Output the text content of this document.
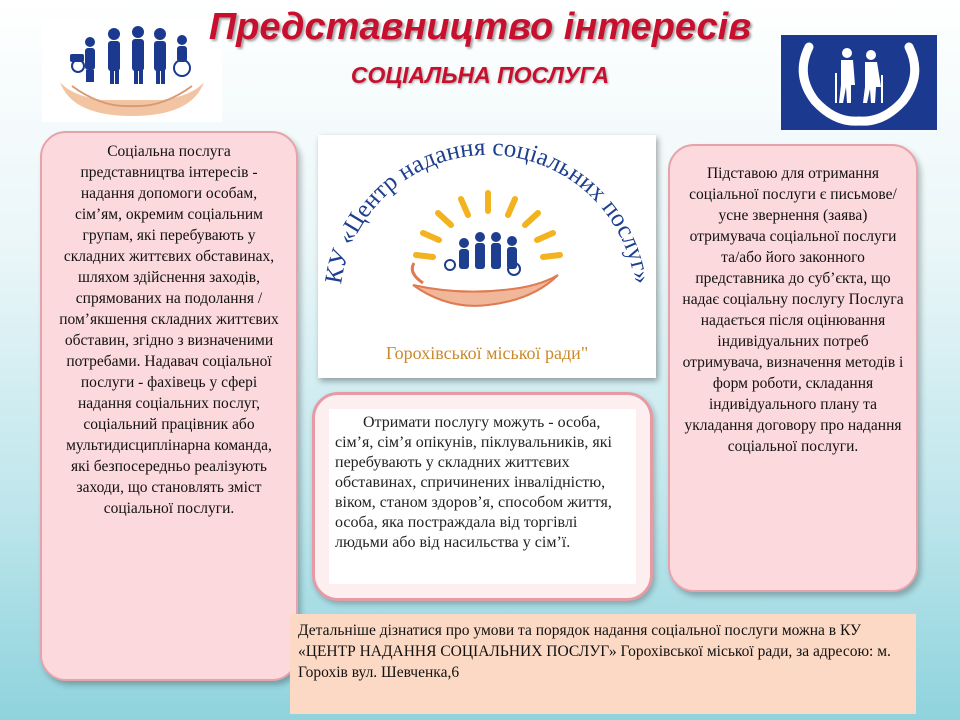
Представництво інтересів
СОЦІАЛЬНА ПОСЛУГА
Соціальна послуга представництва інтересів - надання допомоги особам, сім’ям, окремим соціальним групам, які перебувають у складних життєвих обставинах, шляхом здійснення заходів, спрямованих на подолання / пом’якшення складних життєвих обставин, згідно з визначеними потребами. Надавач соціальної послуги - фахівець у сфері надання соціальних послуг, соціальний працівник або мультидисциплінарна команда, які безпосередньо реалізують заходи, що становлять зміст соціальної послуги.
КУ «Центр надання соціальних послуг»
Горохівської міської ради"
Отримати послугу можуть - особа, сім’я, сім’я опікунів, піклувальників, які перебувають у складних життєвих обставинах, спричинених інвалідністю, віком, станом здоров’я, способом життя, особа, яка постраждала від торгівлі людьми або від насильства у сім’ї.
Підставою для отримання соціальної послуги є письмове/усне звернення (заява) отримувача соціальної послуги та/або його законного представника до суб’єкта, що надає соціальну послугу Послуга надається після оцінювання індивідуальних потреб отримувача, визначення методів і форм роботи, складання індивідуального плану та укладання договору про надання соціальної послуги.
Детальніше дізнатися про умови та порядок надання соціальної послуги можна в КУ «ЦЕНТР НАДАННЯ СОЦІАЛЬНИХ ПОСЛУГ» Горохівської міської ради, за адресою: м. Горохів вул. Шевченка,6
